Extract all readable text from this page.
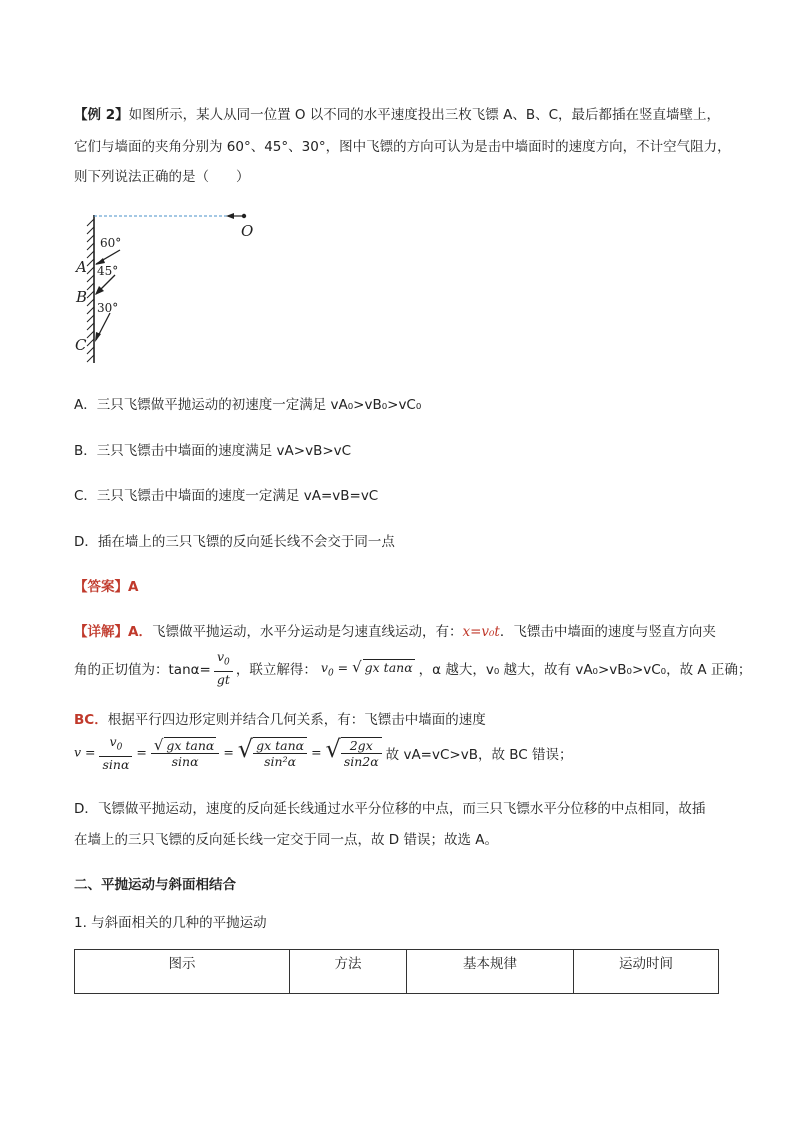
【例 2】如图所示，某人从同一位置 O 以不同的水平速度投出三枚飞镖 A、B、C，最后都插在竖直墙壁上，
它们与墙面的夹角分别为 60°、45°、30°，图中飞镖的方向可认为是击中墙面时的速度方向，不计空气阻力，
则下列说法正确的是（　　）
O
60°
A 45°
B
30°
C
A．三只飞镖做平抛运动的初速度一定满足 vA₀>vB₀>vC₀
B．三只飞镖击中墙面的速度满足 vA>vB>vC
C．三只飞镖击中墙面的速度一定满足 vA=vB=vC
D．插在墙上的三只飞镖的反向延长线不会交于同一点
【答案】A
【详解】A．飞镖做平抛运动，水平分运动是匀速直线运动，有：x=v₀t．飞镖击中墙面的速度与竖直方向夹
角的正切值为：$\tan\alpha= \frac{v_0}{gt}$ ，联立解得： $v_0$ = √ gx tanα ，α 越大，v₀ 越大，故有 vA₀>vB₀>vC₀，故 A 正确；
BC．根据平行四边形定则并结合几何关系，有：飞镖击中墙面的速度
$v = \frac{v_0}{\sin\alpha} = \frac{\text{√ gx tanα}}{\sin\alpha}$ = √ $\frac{\text{gx tanα}}{\text{sin²α}}$ = √ $\frac{2gx}{\sin 2\alpha}$ 故 vA=vC>vB，故 BC 错误；
D．飞镖做平抛运动，速度的反向延长线通过水平分位移的中点，而三只飞镖水平分位移的中点相同，故插
在墙上的三只飞镖的反向延长线一定交于同一点，故 D 错误；故选 A。
二、平抛运动与斜面相结合
1. 与斜面相关的几种的平抛运动
图示	方法	基本规律	运动时间
